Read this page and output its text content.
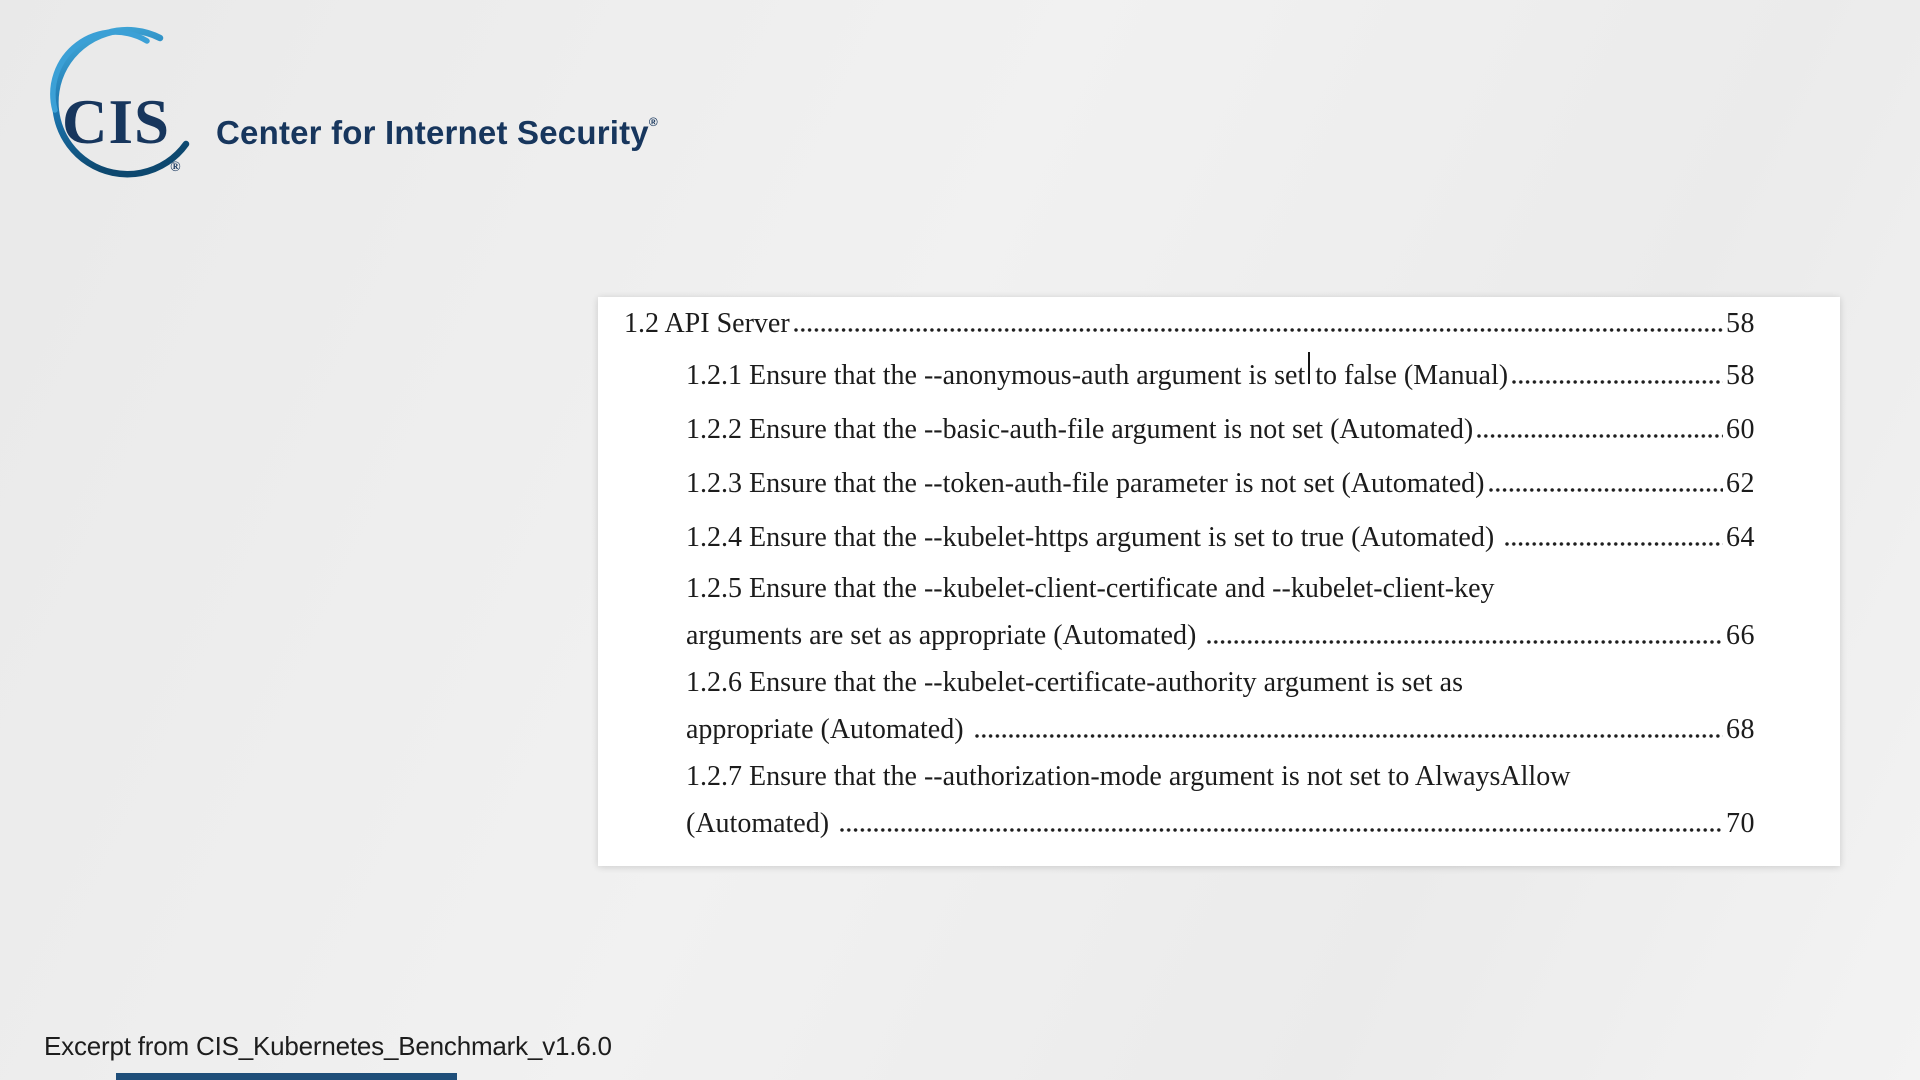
$CIS_®$
Center for Internet Security®
1.2 API Server	58
1.2.1 Ensure that the --anonymous-auth argument is set to false (Manual)	58
1.2.2 Ensure that the --basic-auth-file argument is not set (Automated)	60
1.2.3 Ensure that the --token-auth-file parameter is not set (Automated)	62
1.2.4 Ensure that the --kubelet-https argument is set to true (Automated)	64
1.2.5 Ensure that the --kubelet-client-certificate and --kubelet-client-key
arguments are set as appropriate (Automated)	66
1.2.6 Ensure that the --kubelet-certificate-authority argument is set as
appropriate (Automated)	68
1.2.7 Ensure that the --authorization-mode argument is not set to AlwaysAllow
(Automated)	70
Excerpt from CIS_Kubernetes_Benchmark_v1.6.0
